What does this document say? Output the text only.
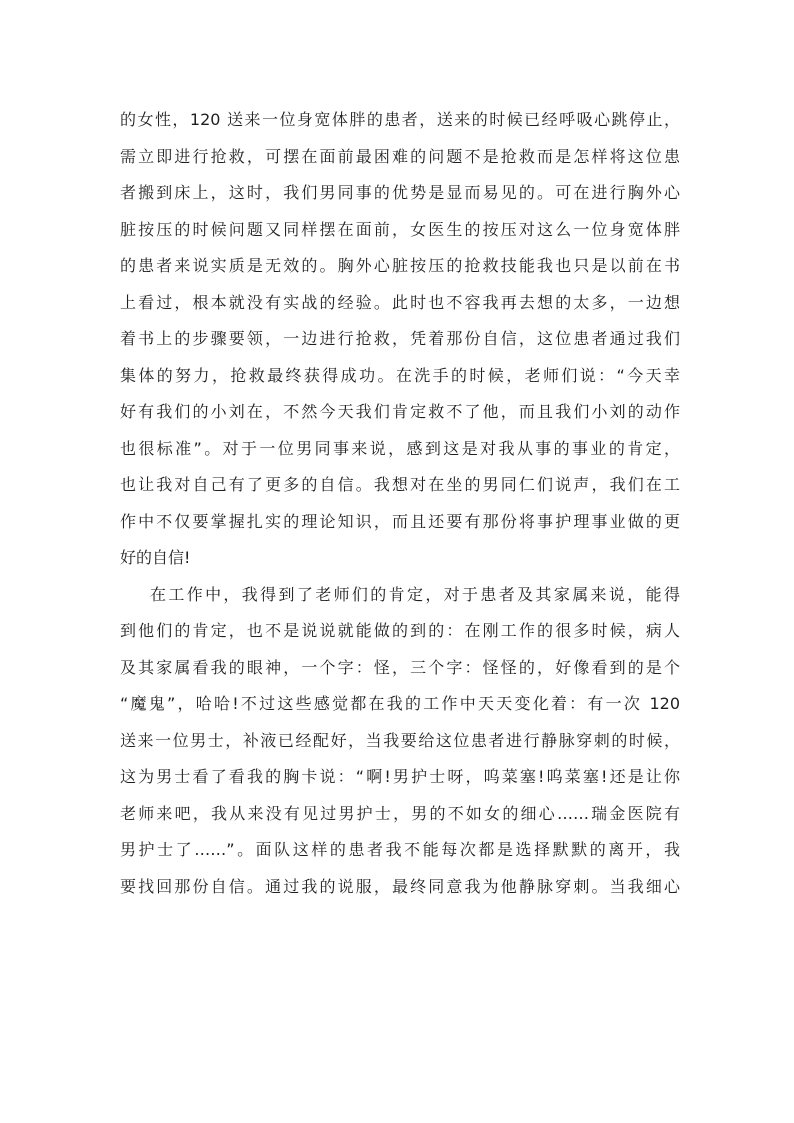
的女性，120 送来一位身宽体胖的患者，送来的时候已经呼吸心跳停止，
需立即进行抢救，可摆在面前最困难的问题不是抢救而是怎样将这位患
者搬到床上，这时，我们男同事的优势是显而易见的。可在进行胸外心
脏按压的时候问题又同样摆在面前，女医生的按压对这么一位身宽体胖
的患者来说实质是无效的。胸外心脏按压的抢救技能我也只是以前在书
上看过，根本就没有实战的经验。此时也不容我再去想的太多，一边想
着书上的步骤要领，一边进行抢救，凭着那份自信，这位患者通过我们
集体的努力，抢救最终获得成功。在洗手的时候，老师们说：“今天幸
好有我们的小刘在，不然今天我们肯定救不了他，而且我们小刘的动作
也很标准”。对于一位男同事来说，感到这是对我从事的事业的肯定，
也让我对自己有了更多的自信。我想对在坐的男同仁们说声，我们在工
作中不仅要掌握扎实的理论知识，而且还要有那份将事护理事业做的更
好的自信!
在工作中，我得到了老师们的肯定，对于患者及其家属来说，能得
到他们的肯定，也不是说说就能做的到的：在刚工作的很多时候，病人
及其家属看我的眼神，一个字：怪，三个字：怪怪的，好像看到的是个
“魔鬼”，哈哈!不过这些感觉都在我的工作中天天变化着：有一次 120
送来一位男士，补液已经配好，当我要给这位患者进行静脉穿刺的时候，
这为男士看了看我的胸卡说：“啊!男护士呀，呜菜塞!呜菜塞!还是让你
老师来吧，我从来没有见过男护士，男的不如女的细心……瑞金医院有
男护士了……”。面队这样的患者我不能每次都是选择默默的离开，我
要找回那份自信。通过我的说服，最终同意我为他静脉穿刺。当我细心
